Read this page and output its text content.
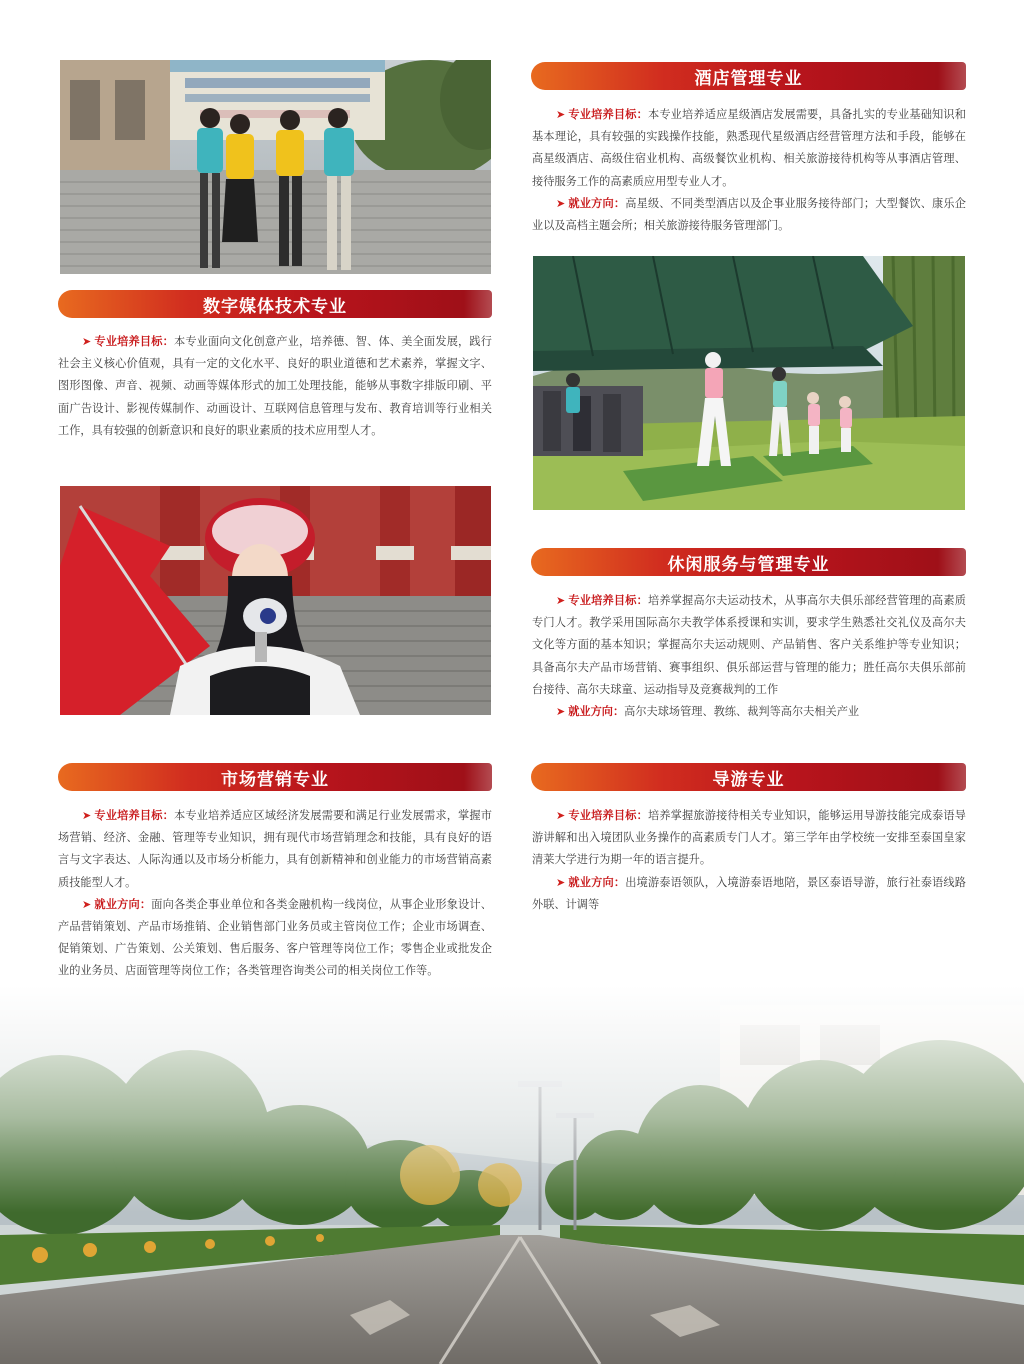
酒店管理专业

➤ 专业培养目标：本专业培养适应星级酒店发展需要，具备扎实的专业基础知识和基本理论，具有较强的实践操作技能，熟悉现代星级酒店经营管理方法和手段，能够在高星级酒店、高级住宿业机构、高级餐饮业机构、相关旅游接待机构等从事酒店管理、接待服务工作的高素质应用型专业人才。

➤ 就业方向：高星级、不同类型酒店以及企事业服务接待部门；大型餐饮、康乐企业以及高档主题会所；相关旅游接待服务管理部门。

数字媒体技术专业

➤ 专业培养目标：本专业面向文化创意产业，培养德、智、体、美全面发展，践行社会主义核心价值观，具有一定的文化水平、良好的职业道德和艺术素养，掌握文字、图形图像、声音、视频、动画等媒体形式的加工处理技能，能够从事数字排版印刷、平面广告设计、影视传媒制作、动画设计、互联网信息管理与发布、教育培训等行业相关工作，具有较强的创新意识和良好的职业素质的技术应用型人才。

休闲服务与管理专业

➤ 专业培养目标：培养掌握高尔夫运动技术，从事高尔夫俱乐部经营管理的高素质专门人才。教学采用国际高尔夫教学体系授课和实训，要求学生熟悉社交礼仪及高尔夫文化等方面的基本知识；掌握高尔夫运动规则、产品销售、客户关系维护等专业知识；具备高尔夫产品市场营销、赛事组织、俱乐部运营与管理的能力；胜任高尔夫俱乐部前台接待、高尔夫球童、运动指导及竞赛裁判的工作

➤ 就业方向：高尔夫球场管理、教练、裁判等高尔夫相关产业

市场营销专业

➤ 专业培养目标：本专业培养适应区域经济发展需要和满足行业发展需求，掌握市场营销、经济、金融、管理等专业知识，拥有现代市场营销理念和技能，具有良好的语言与文字表达、人际沟通以及市场分析能力，具有创新精神和创业能力的市场营销高素质技能型人才。

➤ 就业方向：面向各类企事业单位和各类金融机构一线岗位，从事企业形象设计、产品营销策划、产品市场推销、企业销售部门业务员或主管岗位工作；企业市场调查、促销策划、广告策划、公关策划、售后服务、客户管理等岗位工作；零售企业或批发企业的业务员、店面管理等岗位工作；各类管理咨询类公司的相关岗位工作等。

导游专业

➤ 专业培养目标：培养掌握旅游接待相关专业知识，能够运用导游技能完成泰语导游讲解和出入境团队业务操作的高素质专门人才。第三学年由学校统一安排至泰国皇家清莱大学进行为期一年的语言提升。

➤ 就业方向：出境游泰语领队，入境游泰语地陪，景区泰语导游，旅行社泰语线路外联、计调等
